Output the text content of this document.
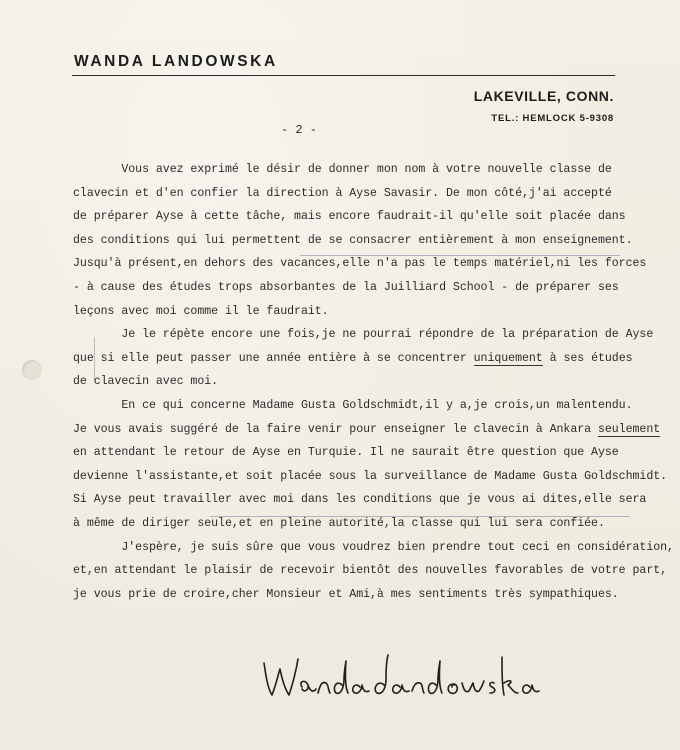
WANDA LANDOWSKA
LAKEVILLE, CONN.
TEL.: HEMLOCK 5-9308
- 2 -
Vous avez exprimé le désir de donner mon nom à votre nouvelle classe de
clavecin et d'en confier la direction à Ayse Savasir. De mon côté,j'ai accepté
de préparer Ayse à cette tâche, mais encore faudrait-il qu'elle soit placée dans
des conditions qui lui permettent de se consacrer entièrement à mon enseignement.
Jusqu'à présent,en dehors des vacances,elle n'a pas le temps matériel,ni les forces
- à cause des études trops absorbantes de la Juilliard School - de préparer ses
leçons avec moi comme il le faudrait.
Je le répète encore une fois,je ne pourrai répondre de la préparation de Ayse
que si elle peut passer une année entière à se concentrer uniquement à ses études
de clavecin avec moi.
En ce qui concerne Madame Gusta Goldschmidt,il y a,je crois,un malentendu.
Je vous avais suggéré de la faire venir pour enseigner le clavecin à Ankara seulement
en attendant le retour de Ayse en Turquie. Il ne saurait être question que Ayse
devienne l'assistante,et soit placée sous la surveillance de Madame Gusta Goldschmidt.
Si Ayse peut travailler avec moi dans les conditions que je vous ai dites,elle sera
à même de diriger seule,et en pleine autorité,la classe qui lui sera confiée.
J'espère, je suis sûre que vous voudrez bien prendre tout ceci en considération,
et,en attendant le plaisir de recevoir bientôt des nouvelles favorables de votre part,
je vous prie de croire,cher Monsieur et Ami,à mes sentiments très sympathiques.
